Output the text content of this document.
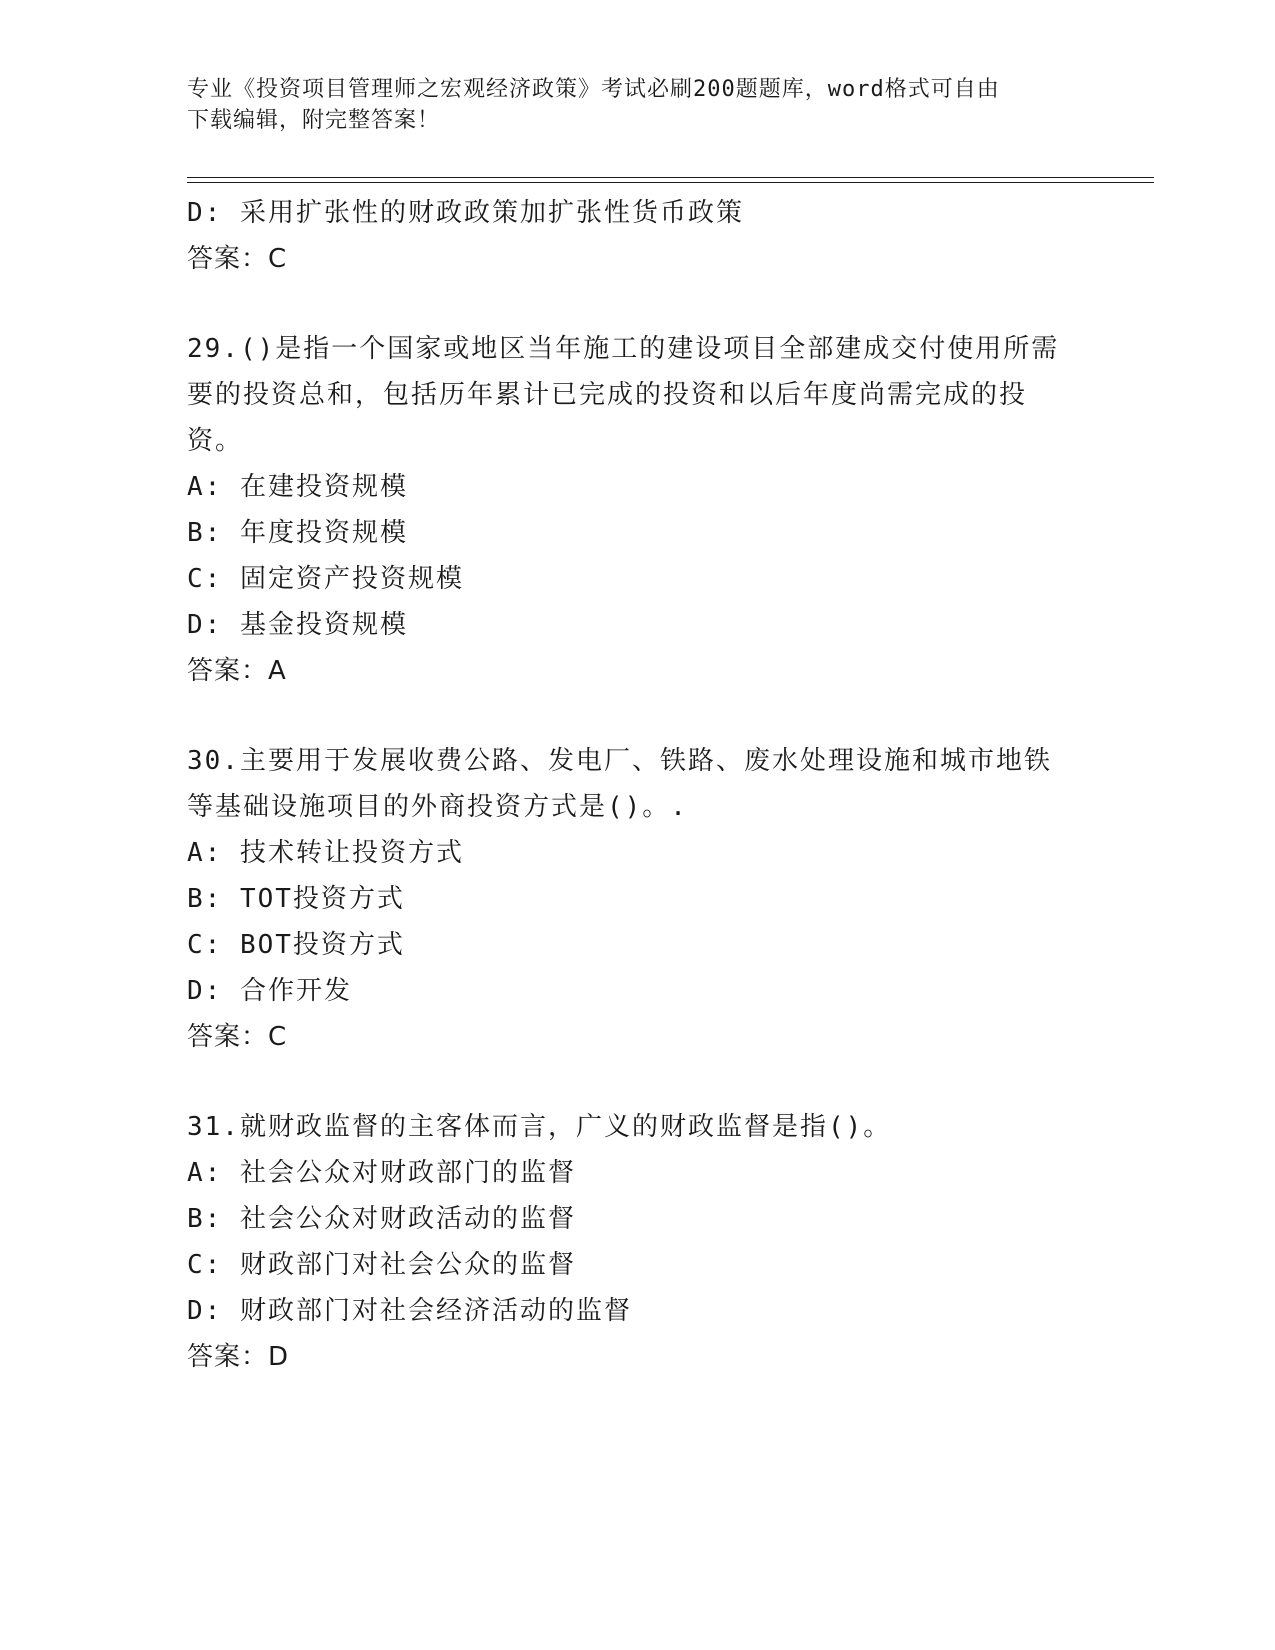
专业《投资项目管理师之宏观经济政策》考试必刷200题题库，word格式可自由
下载编辑，附完整答案！
D: 采用扩张性的财政政策加扩张性货币政策
答案：C
29.()是指一个国家或地区当年施工的建设项目全部建成交付使用所需
要的投资总和，包括历年累计已完成的投资和以后年度尚需完成的投
资。
A: 在建投资规模
B: 年度投资规模
C: 固定资产投资规模
D: 基金投资规模
答案：A
30.主要用于发展收费公路、发电厂、铁路、废水处理设施和城市地铁
等基础设施项目的外商投资方式是()。.
A: 技术转让投资方式
B: TOT投资方式
C: BOT投资方式
D: 合作开发
答案：C
31.就财政监督的主客体而言，广义的财政监督是指()。
A: 社会公众对财政部门的监督
B: 社会公众对财政活动的监督
C: 财政部门对社会公众的监督
D: 财政部门对社会经济活动的监督
答案：D
